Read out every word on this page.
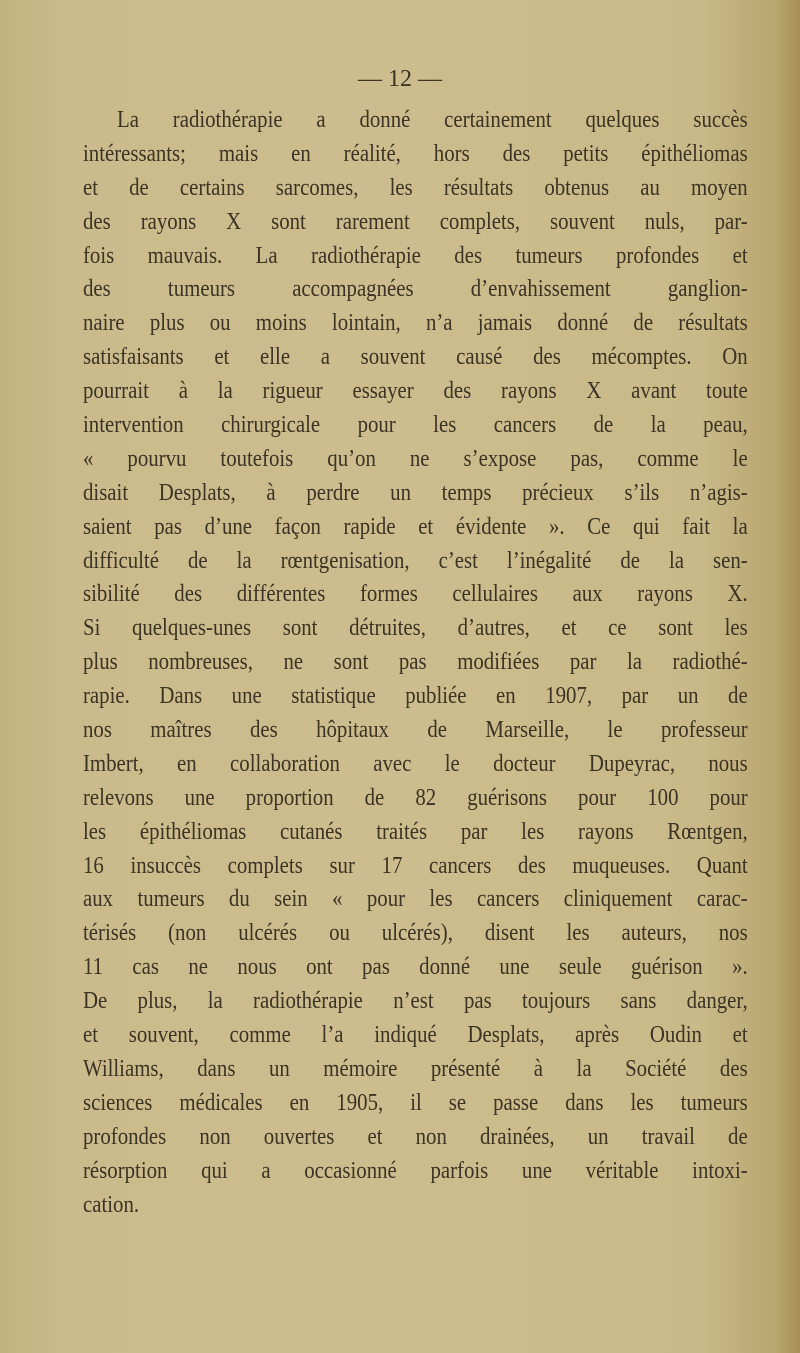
— 12 —
La radiothérapie a donné certainement quelques succès
intéressants; mais en réalité, hors des petits épithéliomas
et de certains sarcomes, les résultats obtenus au moyen
des rayons X sont rarement complets, souvent nuls, par-
fois mauvais. La radiothérapie des tumeurs profondes et
des tumeurs accompagnées d’envahissement ganglion-
naire plus ou moins lointain, n’a jamais donné de résultats
satisfaisants et elle a souvent causé des mécomptes. On
pourrait à la rigueur essayer des rayons X avant toute
intervention chirurgicale pour les cancers de la peau,
« pourvu toutefois qu’on ne s’expose pas, comme le
disait Desplats, à perdre un temps précieux s’ils n’agis-
saient pas d’une façon rapide et évidente ». Ce qui fait la
difficulté de la rœntgenisation, c’est l’inégalité de la sen-
sibilité des différentes formes cellulaires aux rayons X.
Si quelques-unes sont détruites, d’autres, et ce sont les
plus nombreuses, ne sont pas modifiées par la radiothé-
rapie. Dans une statistique publiée en 1907, par un de
nos maîtres des hôpitaux de Marseille, le professeur
Imbert, en collaboration avec le docteur Dupeyrac, nous
relevons une proportion de 82 guérisons pour 100 pour
les épithéliomas cutanés traités par les rayons Rœntgen,
16 insuccès complets sur 17 cancers des muqueuses. Quant
aux tumeurs du sein « pour les cancers cliniquement carac-
térisés (non ulcérés ou ulcérés), disent les auteurs, nos
11 cas ne nous ont pas donné une seule guérison ».
De plus, la radiothérapie n’est pas toujours sans danger,
et souvent, comme l’a indiqué Desplats, après Oudin et
Williams, dans un mémoire présenté à la Société des
sciences médicales en 1905, il se passe dans les tumeurs
profondes non ouvertes et non drainées, un travail de
résorption qui a occasionné parfois une véritable intoxi-
cation.
